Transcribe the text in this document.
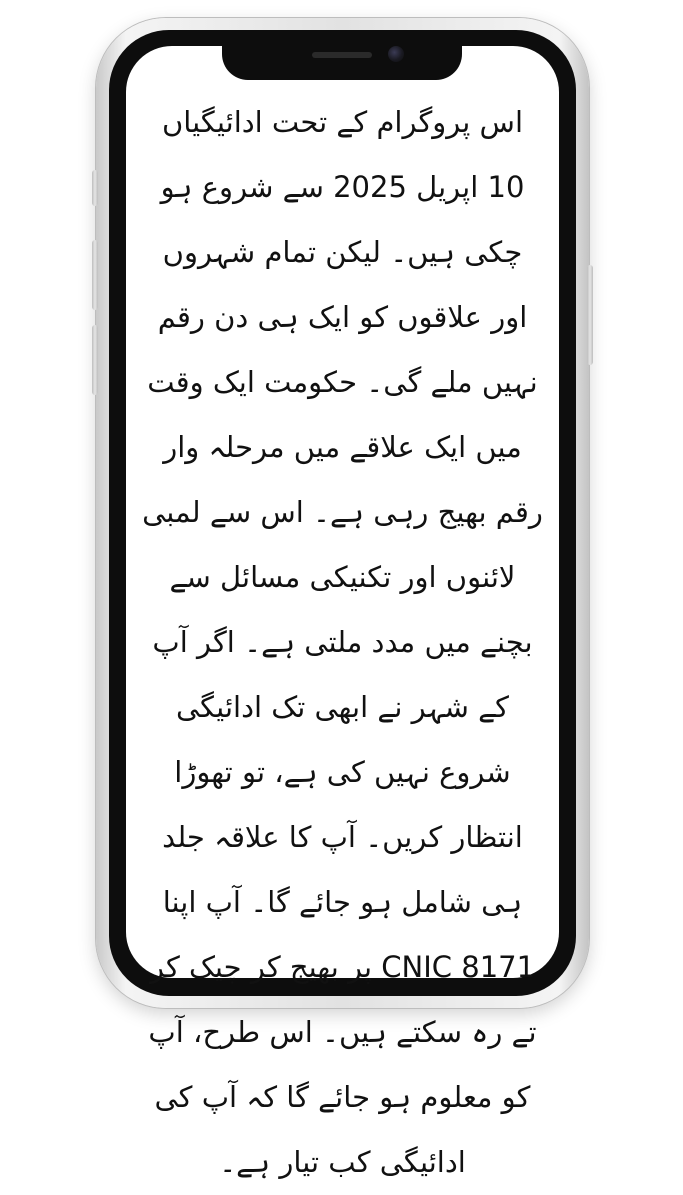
اس پروگرام کے تحت ادائیگیاں 10 اپریل 2025 سے شروع ہو چکی ہیں۔ لیکن تمام شہروں اور علاقوں کو ایک ہی دن رقم نہیں ملے گی۔ حکومت ایک وقت میں ایک علاقے میں مرحلہ وار رقم بھیج رہی ہے۔ اس سے لمبی لائنوں اور تکنیکی مسائل سے بچنے میں مدد ملتی ہے۔ اگر آپ کے شہر نے ابھی تک ادائیگی شروع نہیں کی ہے، تو تھوڑا انتظار کریں۔ آپ کا علاقہ جلد ہی شامل ہو جائے گا۔ آپ اپنا CNIC 8171 پر بھیج کر چیک کر تے رہ سکتے ہیں۔ اس طرح، آپ کو معلوم ہو جائے گا کہ آپ کی ادائیگی کب تیار ہے۔
